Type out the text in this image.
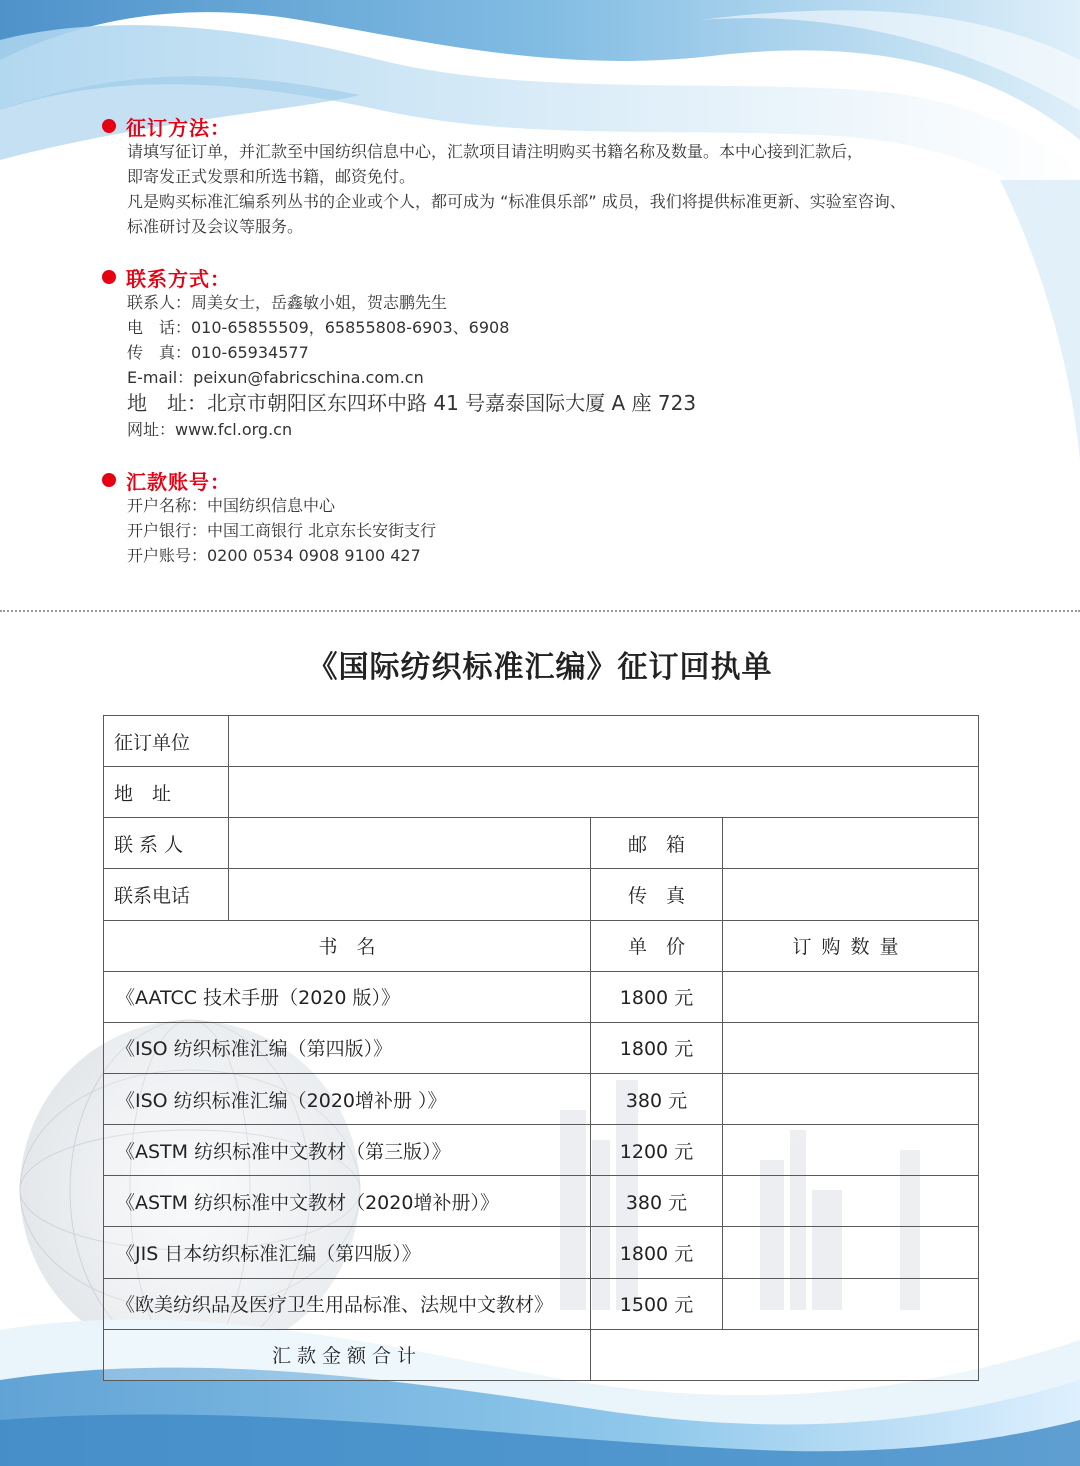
征订方法：

请填写征订单，并汇款至中国纺织信息中心，汇款项目请注明购买书籍名称及数量。本中心接到汇款后，

即寄发正式发票和所选书籍，邮资免付。

凡是购买标准汇编系列丛书的企业或个人，都可成为 “标准俱乐部” 成员，我们将提供标准更新、实验室咨询、

标准研讨及会议等服务。

联系方式：

联系人：周美女士，岳鑫敏小姐，贺志鹏先生

电　话：010-65855509，65855808-6903、6908

传　真：010-65934577

E-mail：peixun@fabricschina.com.cn

地　址：北京市朝阳区东四环中路 41 号嘉泰国际大厦 A 座 723

网址：www.fcl.org.cn

汇款账号：

开户名称：中国纺织信息中心

开户银行：中国工商银行 北京东长安街支行

开户账号：0200 0534 0908 9100 427

《国际纺织标准汇编》征订回执单
征订单位			
地　址			
联系人		邮　箱	
联系电话		传　真	
书　名		单　价	订购数量
《AATCC 技术手册（2020 版）》		1800 元	
《ISO 纺织标准汇编（第四版）》		1800 元	
《ISO 纺织标准汇编（2020增补册 ）》		380 元	
《ASTM 纺织标准中文教材（第三版）》		1200 元	
《ASTM 纺织标准中文教材（2020增补册）》		380 元	
《JIS 日本纺织标准汇编（第四版）》		1800 元	
《欧美纺织品及医疗卫生用品标准、法规中文教材》		1500 元	
汇款金额合计			
